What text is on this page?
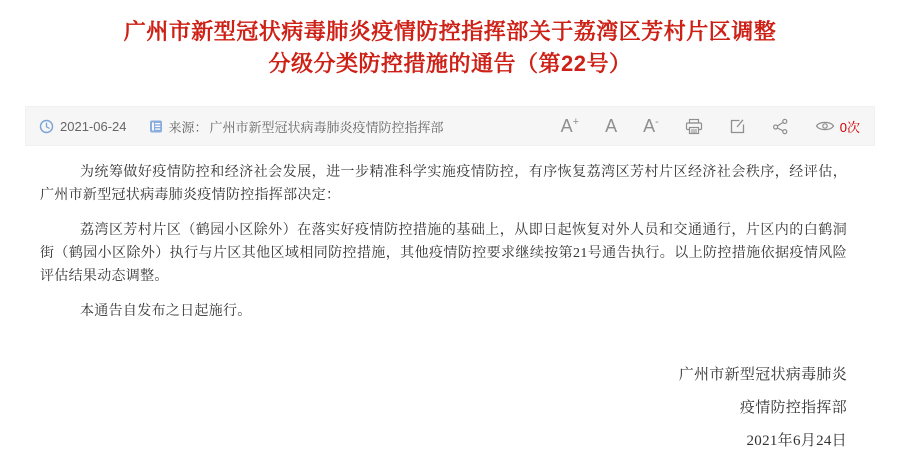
广州市新型冠状病毒肺炎疫情防控指挥部关于荔湾区芳村片区调整
分级分类防控措施的通告（第22号）
2021-06-24	来源： 广州市新型冠状病毒肺炎疫情防控指挥部	A+ A A-	0次

为统筹做好疫情防控和经济社会发展，进一步精准科学实施疫情防控，有序恢复荔湾区芳村片区经济社会秩序，经评估，广州市新型冠状病毒肺炎疫情防控指挥部决定：

荔湾区芳村片区（鹤园小区除外）在落实好疫情防控措施的基础上，从即日起恢复对外人员和交通通行，片区内的白鹤洞街（鹤园小区除外）执行与片区其他区域相同防控措施，其他疫情防控要求继续按第21号通告执行。以上防控措施依据疫情风险评估结果动态调整。

本通告自发布之日起施行。

广州市新型冠状病毒肺炎
疫情防控指挥部
2021年6月24日
